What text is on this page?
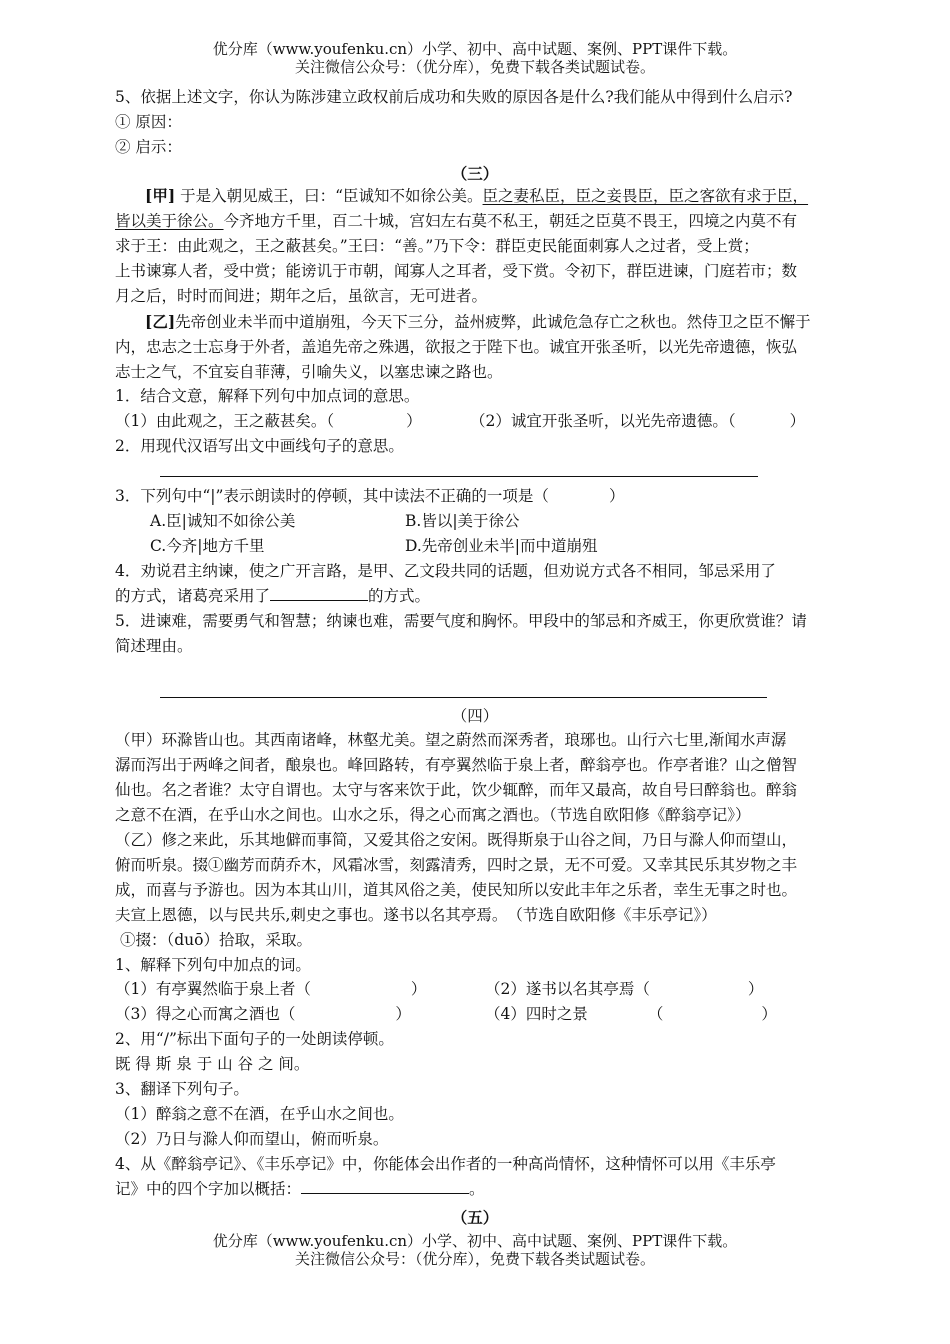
优分库（www.youfenku.cn）小学、初中、高中试题、案例、PPT课件下载。
关注微信公众号：（优分库），免费下载各类试题试卷。
5、依据上述文字，你认为陈涉建立政权前后成功和失败的原因各是什么?我们能从中得到什么启示?
① 原因：
② 启示：
（三）
[甲] 于是入朝见威王，曰：“臣诚知不如徐公美。臣之妻私臣，臣之妾畏臣，臣之客欲有求于臣，
皆以美于徐公。今齐地方千里，百二十城，宫妇左右莫不私王，朝廷之臣莫不畏王，四境之内莫不有
求于王：由此观之，王之蔽甚矣。”王曰：“善。”乃下令：群臣吏民能面刺寡人之过者，受上赏；
上书谏寡人者，受中赏；能谤讥于市朝，闻寡人之耳者，受下赏。令初下，群臣进谏，门庭若市；数
月之后，时时而间进；期年之后，虽欲言，无可进者。
[乙]先帝创业未半而中道崩殂，今天下三分，益州疲弊，此诚危急存亡之秋也。然侍卫之臣不懈于
内，忠志之士忘身于外者，盖追先帝之殊遇，欲报之于陛下也。诚宜开张圣听，以光先帝遗德，恢弘
志士之气，不宜妄自菲薄，引喻失义，以塞忠谏之路也。
1．结合文意，解释下列句中加点词的意思。
（1）由此观之，王之蔽甚矣。（	）	（2）诚宜开张圣听，以光先帝遗德。（	）
2．用现代汉语写出文中画线句子的意思。
3．下列句中“|”表示朗读时的停顿，其中读法不正确的一项是（	）
A.臣|诚知不如徐公美	B.皆以|美于徐公
C.今齐|地方千里	D.先帝创业未半|而中道崩殂
4．劝说君主纳谏，使之广开言路，是甲、乙文段共同的话题，但劝说方式各不相同，邹忌采用了
的方式，诸葛亮采用了	的方式。
5．进谏难，需要勇气和智慧；纳谏也难，需要气度和胸怀。甲段中的邹忌和齐威王，你更欣赏谁？请
简述理由。
（四）
（甲）环滁皆山也。其西南诸峰，林壑尤美。望之蔚然而深秀者，琅琊也。山行六七里,渐闻水声潺
潺而泻出于两峰之间者，酿泉也。峰回路转，有亭翼然临于泉上者，醉翁亭也。作亭者谁？山之僧智
仙也。名之者谁？太守自谓也。太守与客来饮于此，饮少辄醉，而年又最高，故自号曰醉翁也。醉翁
之意不在酒，在乎山水之间也。山水之乐，得之心而寓之酒也。（节选自欧阳修《醉翁亭记》）
（乙）修之来此，乐其地僻而事简，又爱其俗之安闲。既得斯泉于山谷之间，乃日与滁人仰而望山，
俯而听泉。掇①幽芳而荫乔木，风霜冰雪，刻露清秀，四时之景，无不可爱。又幸其民乐其岁物之丰
成，而喜与予游也。因为本其山川，道其风俗之美，使民知所以安此丰年之乐者，幸生无事之时也。
夫宣上恩德，以与民共乐,刺史之事也。遂书以名其亭焉。　（节选自欧阳修《丰乐亭记》）
①掇：（duō）拾取，采取。
1、解释下列句中加点的词。
（1）有亭翼然临于泉上者（	）	（2）遂书以名其亭焉（	）
（3）得之心而寓之酒也（	）	（4）四时之景	（	）
2、用“/”标出下面句子的一处朗读停顿。
既 得 斯 泉 于 山 谷 之 间。
3、翻译下列句子。
（1）醉翁之意不在酒，在乎山水之间也。
（2）乃日与滁人仰而望山，俯而听泉。
4、从《醉翁亭记》、《丰乐亭记》中，你能体会出作者的一种高尚情怀，这种情怀可以用《丰乐亭
记》中的四个字加以概括：	。
（五）
优分库（www.youfenku.cn）小学、初中、高中试题、案例、PPT课件下载。
关注微信公众号：（优分库），免费下载各类试题试卷。
